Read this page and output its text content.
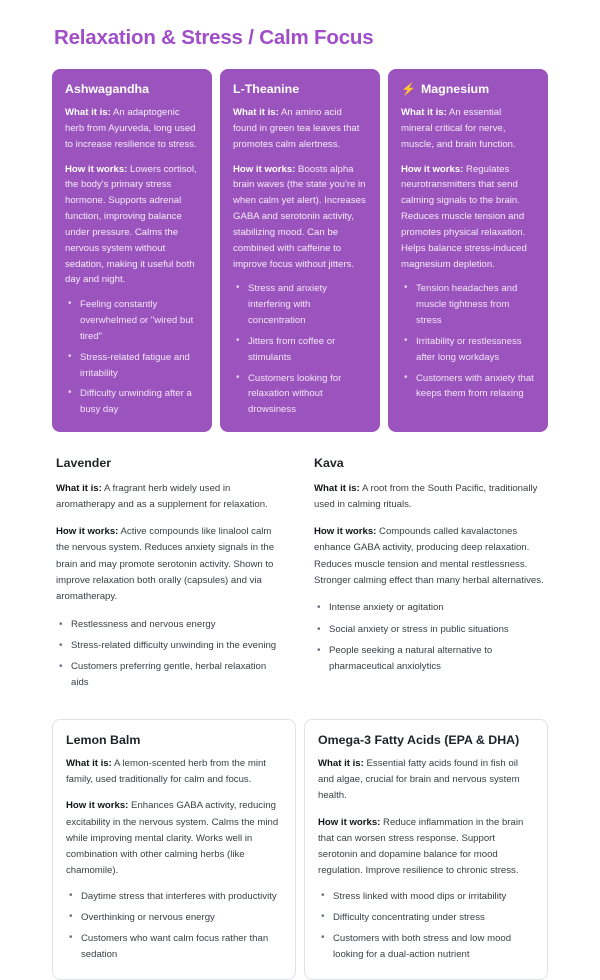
Relaxation & Stress / Calm Focus
Ashwagandha

What it is: An adaptogenic herb from Ayurveda, long used to increase resilience to stress.

How it works: Lowers cortisol, the body's primary stress hormone. Supports adrenal function, improving balance under pressure. Calms the nervous system without sedation, making it useful both day and night.

• Feeling constantly overwhelmed or "wired but tired"
• Stress-related fatigue and irritability
• Difficulty unwinding after a busy day
L-Theanine

What it is: An amino acid found in green tea leaves that promotes calm alertness.

How it works: Boosts alpha brain waves (the state you're in when calm yet alert). Increases GABA and serotonin activity, stabilizing mood. Can be combined with caffeine to improve focus without jitters.

• Stress and anxiety interfering with concentration
• Jitters from coffee or stimulants
• Customers looking for relaxation without drowsiness
⚡ Magnesium

What it is: An essential mineral critical for nerve, muscle, and brain function.

How it works: Regulates neurotransmitters that send calming signals to the brain. Reduces muscle tension and promotes physical relaxation. Helps balance stress-induced magnesium depletion.

• Tension headaches and muscle tightness from stress
• Irritability or restlessness after long workdays
• Customers with anxiety that keeps them from relaxing
Lavender

What it is: A fragrant herb widely used in aromatherapy and as a supplement for relaxation.

How it works: Active compounds like linalool calm the nervous system. Reduces anxiety signals in the brain and may promote serotonin activity. Shown to improve relaxation both orally (capsules) and via aromatherapy.

• Restlessness and nervous energy
• Stress-related difficulty unwinding in the evening
• Customers preferring gentle, herbal relaxation aids
Kava

What it is: A root from the South Pacific, traditionally used in calming rituals.

How it works: Compounds called kavalactones enhance GABA activity, producing deep relaxation. Reduces muscle tension and mental restlessness. Stronger calming effect than many herbal alternatives.

• Intense anxiety or agitation
• Social anxiety or stress in public situations
• People seeking a natural alternative to pharmaceutical anxiolytics
Lemon Balm

What it is: A lemon-scented herb from the mint family, used traditionally for calm and focus.

How it works: Enhances GABA activity, reducing excitability in the nervous system. Calms the mind while improving mental clarity. Works well in combination with other calming herbs (like chamomile).

• Daytime stress that interferes with productivity
• Overthinking or nervous energy
• Customers who want calm focus rather than sedation
Omega-3 Fatty Acids (EPA & DHA)

What it is: Essential fatty acids found in fish oil and algae, crucial for brain and nervous system health.

How it works: Reduce inflammation in the brain that can worsen stress response. Support serotonin and dopamine balance for mood regulation. Improve resilience to chronic stress.

• Stress linked with mood dips or irritability
• Difficulty concentrating under stress
• Customers with both stress and low mood looking for a dual-action nutrient
